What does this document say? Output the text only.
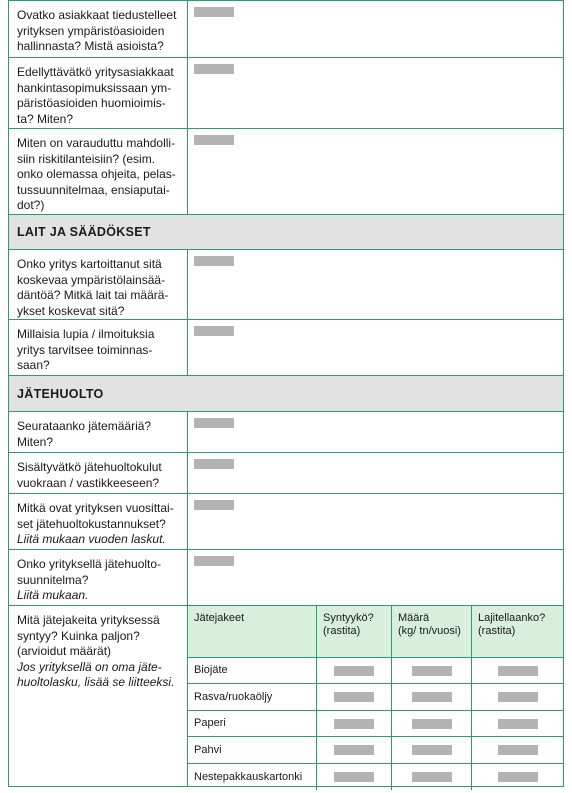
Ovatko asiakkaat tiedustelleet
yrityksen ympäristöasioiden
hallinnasta? Mistä asioista?
Edellyttävätkö yritysasiakkaat
hankintasopimuksissaan ym-
päristöasioiden huomioimis-
ta? Miten?
Miten on varauduttu mahdolli-
siin riskitilanteisiin? (esim.
onko olemassa ohjeita, pelas-
tussuunnitelmaa, ensiaputai-
dot?)
LAIT JA SÄÄDÖKSET
Onko yritys kartoittanut sitä
koskevaa ympäristölainsää-
däntöä? Mitkä lait tai määrä-
ykset koskevat sitä?
Millaisia lupia / ilmoituksia
yritys tarvitsee toiminnas-
saan?
JÄTEHUOLTO
Seurataanko jätemääriä?
Miten?
Sisältyvätkö jätehuoltokulut
vuokraan / vastikkeeseen?
Mitkä ovat yrityksen vuosittai-
set jätehuoltokustannukset?
Liitä mukaan vuoden laskut.
Onko yrityksellä jätehuolto-
suunnitelma?
Liitä mukaan.
Mitä jätejakeita yrityksessä
syntyy? Kuinka paljon?
(arvioidut määrät)
Jos yrityksellä on oma jäte-
huoltolasku, lisää se liitteeksi.
Jätejakeet	Syntyykö?
(rastita)
Määrä
(kg/ tn/vuosi)
Lajitellaanko?
(rastita)
Biojäte
Rasva/ruokaöljy
Paperi
Pahvi
Nestepakkauskartonki
